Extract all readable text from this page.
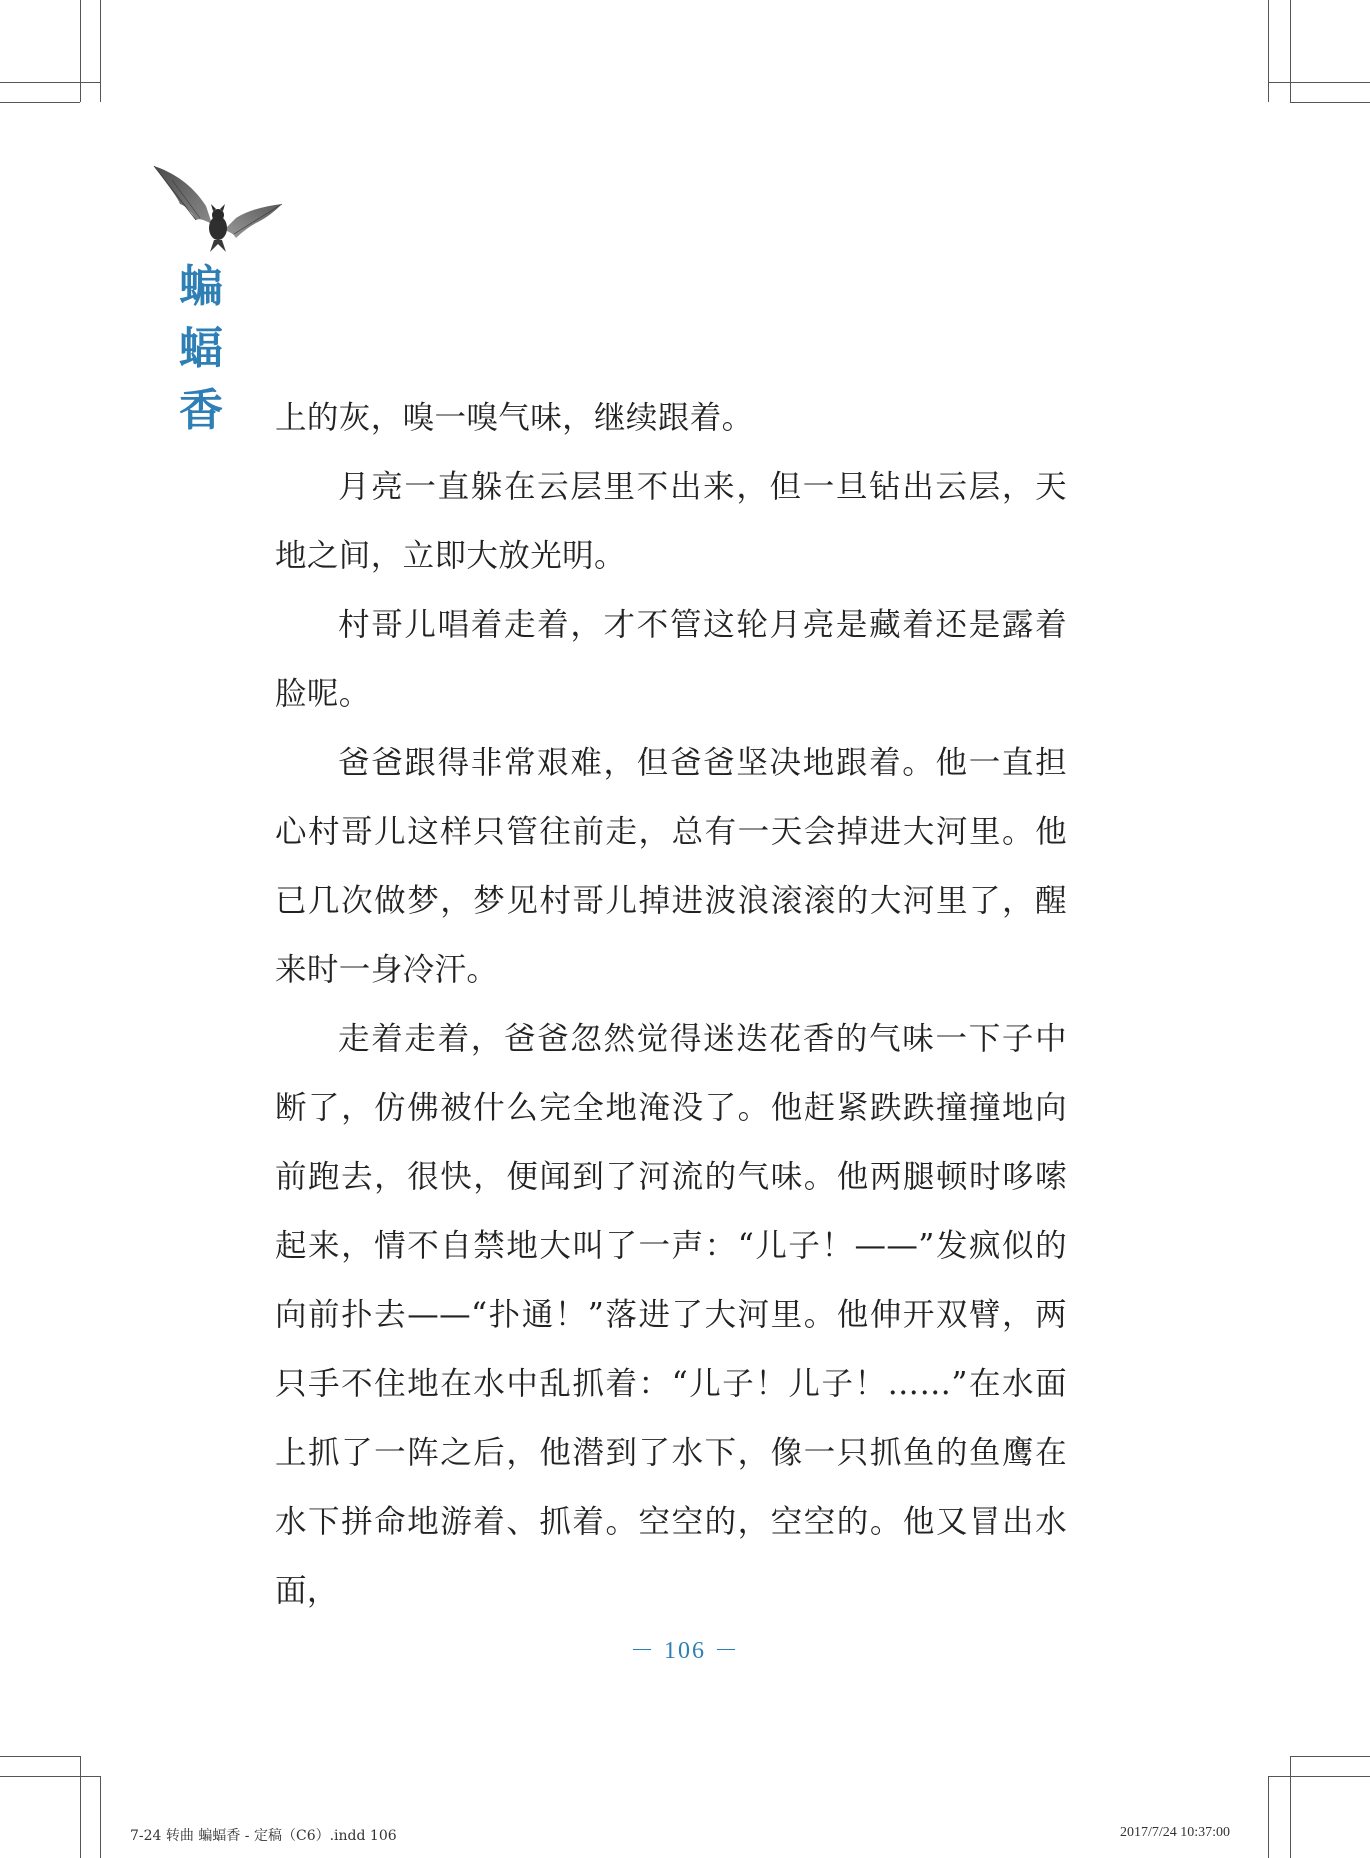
蝙
蝠
香 上的灰，嗅一嗅气味，继续跟着。

月亮一直躲在云层里不出来，但一旦钻出云层，天地之间，立即大放光明。

村哥儿唱着走着，才不管这轮月亮是藏着还是露着脸呢。

爸爸跟得非常艰难，但爸爸坚决地跟着。他一直担心村哥儿这样只管往前走，总有一天会掉进大河里。他已几次做梦，梦见村哥儿掉进波浪滚滚的大河里了，醒来时一身冷汗。

走着走着，爸爸忽然觉得迷迭花香的气味一下子中断了，仿佛被什么完全地淹没了。他赶紧跌跌撞撞地向前跑去，很快，便闻到了河流的气味。他两腿顿时哆嗦起来，情不自禁地大叫了一声：“儿子！——”发疯似的向前扑去——“扑通！”落进了大河里。他伸开双臂，两只手不住地在水中乱抓着：“儿子！儿子！……”在水面上抓了一阵之后，他潜到了水下，像一只抓鱼的鱼鹰在水下拼命地游着、抓着。空空的，空空的。他又冒出水面，

－ 106 －
7-24 转曲 蝙蝠香 - 定稿（C6）.indd 106	2017/7/24 10:37:00
